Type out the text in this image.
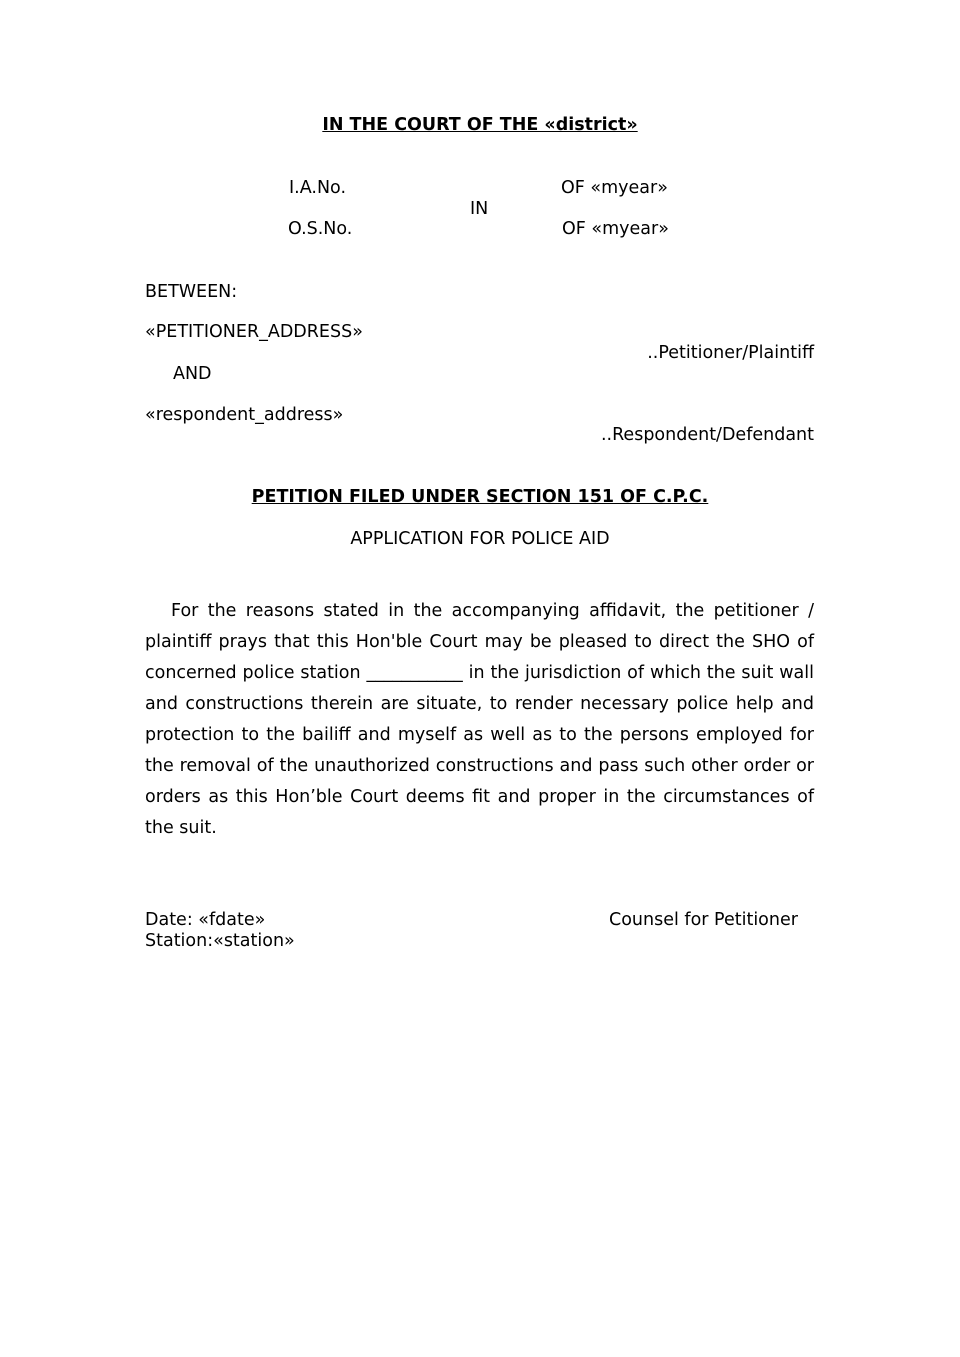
IN THE COURT OF THE «district»
I.A.No.	OF «myear»
IN
O.S.No.	OF «myear»
BETWEEN:
«PETITIONER_ADDRESS»
..Petitioner/Plaintiff
AND
«respondent_address»
..Respondent/Defendant
PETITION FILED UNDER SECTION 151 OF C.P.C.
APPLICATION FOR POLICE AID
For the reasons stated in the accompanying affidavit, the petitioner / plaintiff prays that this Hon'ble Court may be pleased to direct the SHO of concerned police station ___________ in the jurisdiction of which the suit wall and constructions therein are situate, to render necessary police help and protection to the bailiff and myself as well as to the persons employed for the removal of the unauthorized constructions and pass such other order or orders as this Hon’ble Court deems fit and proper in the circumstances of the suit.
Date: «fdate»
Station:«station»
Counsel for Petitioner
